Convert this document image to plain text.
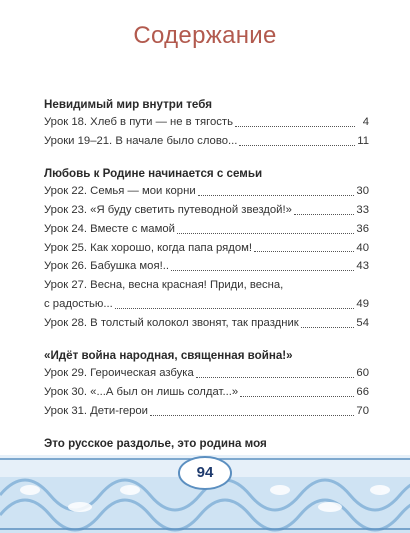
Содержание
Невидимый мир внутри тебя
Урок 18. Хлеб в пути — не в тягость	4
Уроки 19–21. В начале было слово...	11
Любовь к Родине начинается с семьи
Урок 22. Семья — мои корни	30
Урок 23. «Я буду светить путеводной звездой!»	33
Урок 24. Вместе с мамой	36
Урок 25. Как хорошо, когда папа рядом!	40
Урок 26. Бабушка моя!..	43
Урок 27. Весна, весна красная! Приди, весна,
с радостью...	49
Урок 28. В толстый колокол звонят, так праздник	54
«Идёт война народная, священная война!»
Урок 29. Героическая азбука	60
Урок 30. «...А был он лишь солдат...»	66
Урок 31. Дети-герои	70
Это русское раздолье, это родина моя
94
